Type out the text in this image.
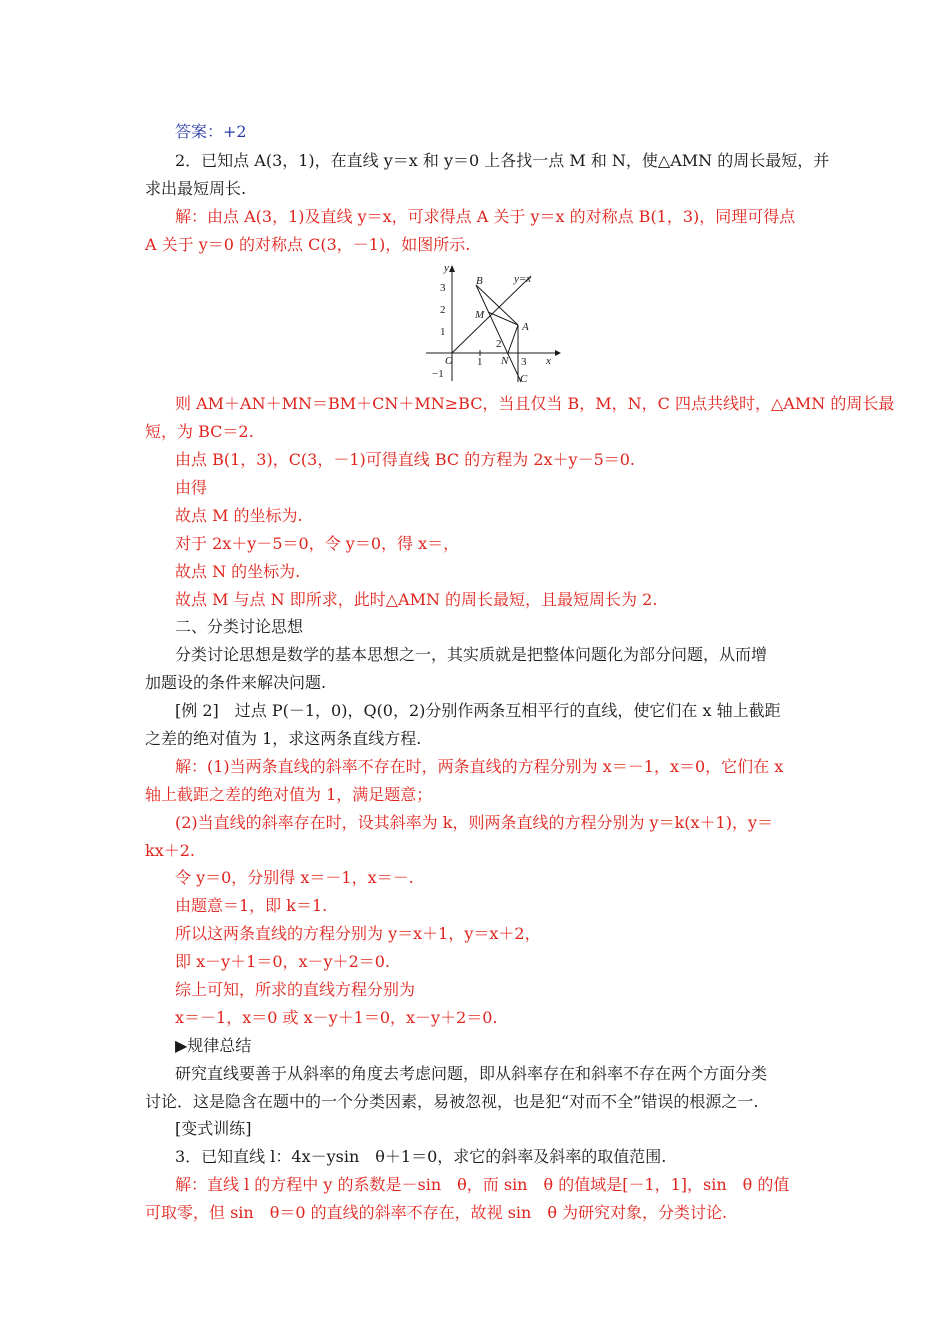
答案：+2
2．已知点 A(3，1)，在直线 y＝x 和 y＝0 上各找一点 M 和 N，使△AMN 的周长最短，并
求出最短周长.
解：由点 A(3，1)及直线 y＝x，可求得点 A 关于 y＝x 的对称点 B(1，3)，同理可得点
A 关于 y＝0 的对称点 C(3，－1)，如图所示.
y
x
O
y=x
B
M
A
N
C
3
2
1
−1
1
2
3
则 AM＋AN＋MN＝BM＋CN＋MN≥BC，当且仅当 B，M，N，C 四点共线时，△AMN 的周长最
短，为 BC＝2.
由点 B(1，3)，C(3，－1)可得直线 BC 的方程为 2x＋y－5＝0.
由得
故点 M 的坐标为.
对于 2x＋y－5＝0，令 y＝0，得 x＝，
故点 N 的坐标为.
故点 M 与点 N 即所求，此时△AMN 的周长最短，且最短周长为 2.
二、分类讨论思想
分类讨论思想是数学的基本思想之一，其实质就是把整体问题化为部分问题，从而增
加题设的条件来解决问题.
[例 2]　过点 P(－1，0)，Q(0，2)分别作两条互相平行的直线，使它们在 x 轴上截距
之差的绝对值为 1，求这两条直线方程.
解：(1)当两条直线的斜率不存在时，两条直线的方程分别为 x＝－1，x＝0，它们在 x
轴上截距之差的绝对值为 1，满足题意；
(2)当直线的斜率存在时，设其斜率为 k，则两条直线的方程分别为 y＝k(x＋1)，y＝
kx＋2.
令 y＝0，分别得 x＝－1，x＝－.
由题意＝1，即 k＝1.
所以这两条直线的方程分别为 y＝x＋1，y＝x＋2，
即 x－y＋1＝0，x－y＋2＝0.
综上可知，所求的直线方程分别为
x＝－1，x＝0 或 x－y＋1＝0，x－y＋2＝0.
▶规律总结
研究直线要善于从斜率的角度去考虑问题，即从斜率存在和斜率不存在两个方面分类
讨论．这是隐含在题中的一个分类因素，易被忽视，也是犯“对而不全”错误的根源之一.
[变式训练]
3．已知直线 l：4x－ysin　θ＋1＝0，求它的斜率及斜率的取值范围.
解：直线 l 的方程中 y 的系数是－sin　θ，而 sin　θ 的值域是[－1，1]，sin　θ 的值
可取零，但 sin　θ＝0 的直线的斜率不存在，故视 sin　θ 为研究对象，分类讨论.
